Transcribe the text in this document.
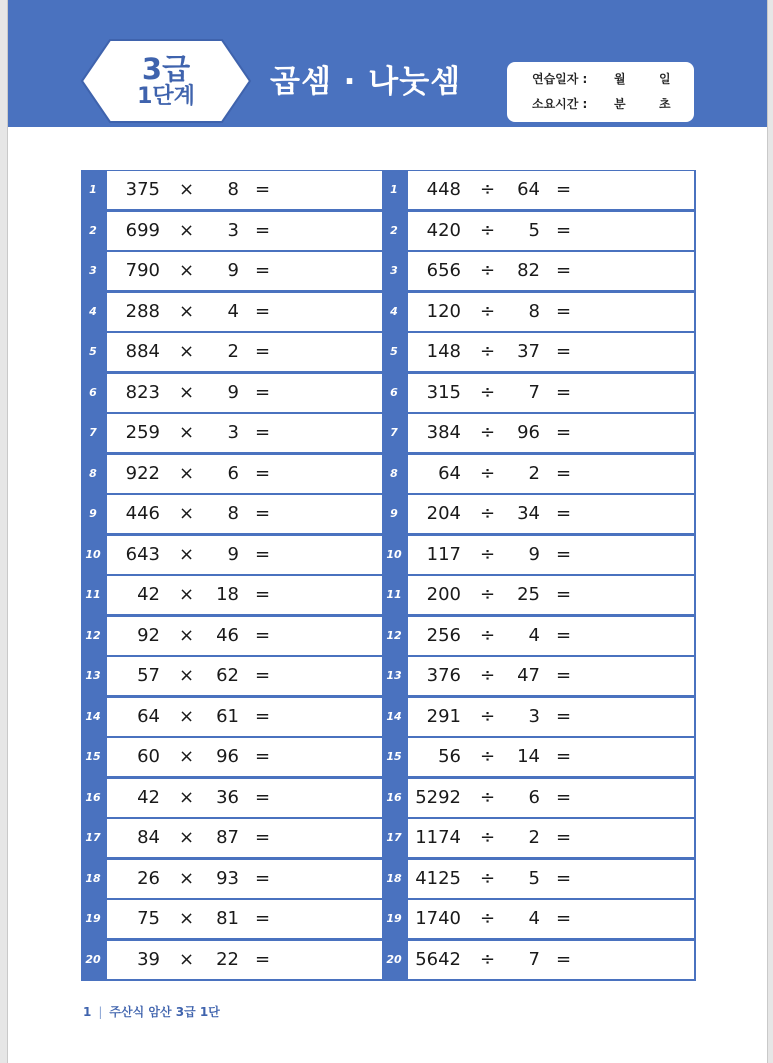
3급
1단계 곱셈 · 나눗셈	연습일자 : 월	일
소요시간 : 분	초
1	375 × 8 =
2	699 × 3 =
3	790 × 9 =
4	288 × 4 =
5	884 × 2 =
6	823 × 9 =
7	259 × 3 =
8	922 × 6 =
9	446 × 8 =
10 643 × 9 =
11 42 × 18 =
12 92 × 46 =
13 57 × 62 =
14 64 × 61 =
15 60 × 96 =
16 42 × 36 =
17 84 × 87 =
18 26 × 93 =
19 75 × 81 =
20 39 × 22 =
1	448 ÷ 64 =
2	420 ÷ 5 =
3	656 ÷ 82 =
4	120 ÷ 8 =
5	148 ÷ 37 =
6	315 ÷ 7 =
7	384 ÷ 96 =
8	64 ÷ 2 =
9	204 ÷ 34 =
10 117 ÷ 9 =
11 200 ÷ 25 =
12 256 ÷ 4 =
13 376 ÷ 47 =
14 291 ÷ 3 =
15 56 ÷ 14 =
16 5292 ÷ 6 =
17 1174 ÷ 2 =
18 4125 ÷ 5 =
19 1740 ÷ 4 =
20 5642 ÷ 7 =
1 | 주산식 암산 3급 1단
